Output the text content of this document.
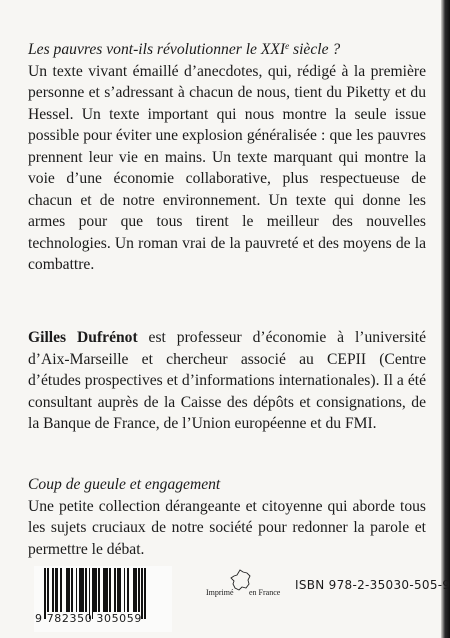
Les pauvres vont-ils révolutionner le XXIe siècle ?
Un texte vivant émaillé d’anecdotes, qui, rédigé à la première personne et s’adressant à chacun de nous, tient du Piketty et du Hessel. Un texte important qui nous montre la seule issue possible pour éviter une explosion généralisée : que les pauvres prennent leur vie en mains. Un texte marquant qui montre la voie d’une économie collaborative, plus respectueuse de chacun et de notre environnement. Un texte qui donne les armes pour que tous tirent le meilleur des nouvelles technologies. Un roman vrai de la pauvreté et des moyens de la combattre.
Gilles Dufrénot est professeur d’économie à l’université d’Aix-Marseille et chercheur associé au CEPII (Centre d’études prospectives et d’informations internationales). Il a été consultant auprès de la Caisse des dépôts et consignations, de la Banque de France, de l’Union européenne et du FMI.
Coup de gueule et engagement
Une petite collection dérangeante et citoyenne qui aborde tous les sujets cruciaux de notre société pour redonner la parole et permettre le débat.
9 782350 305059
Imprimé en France
ISBN 978-2-35030-505-9
